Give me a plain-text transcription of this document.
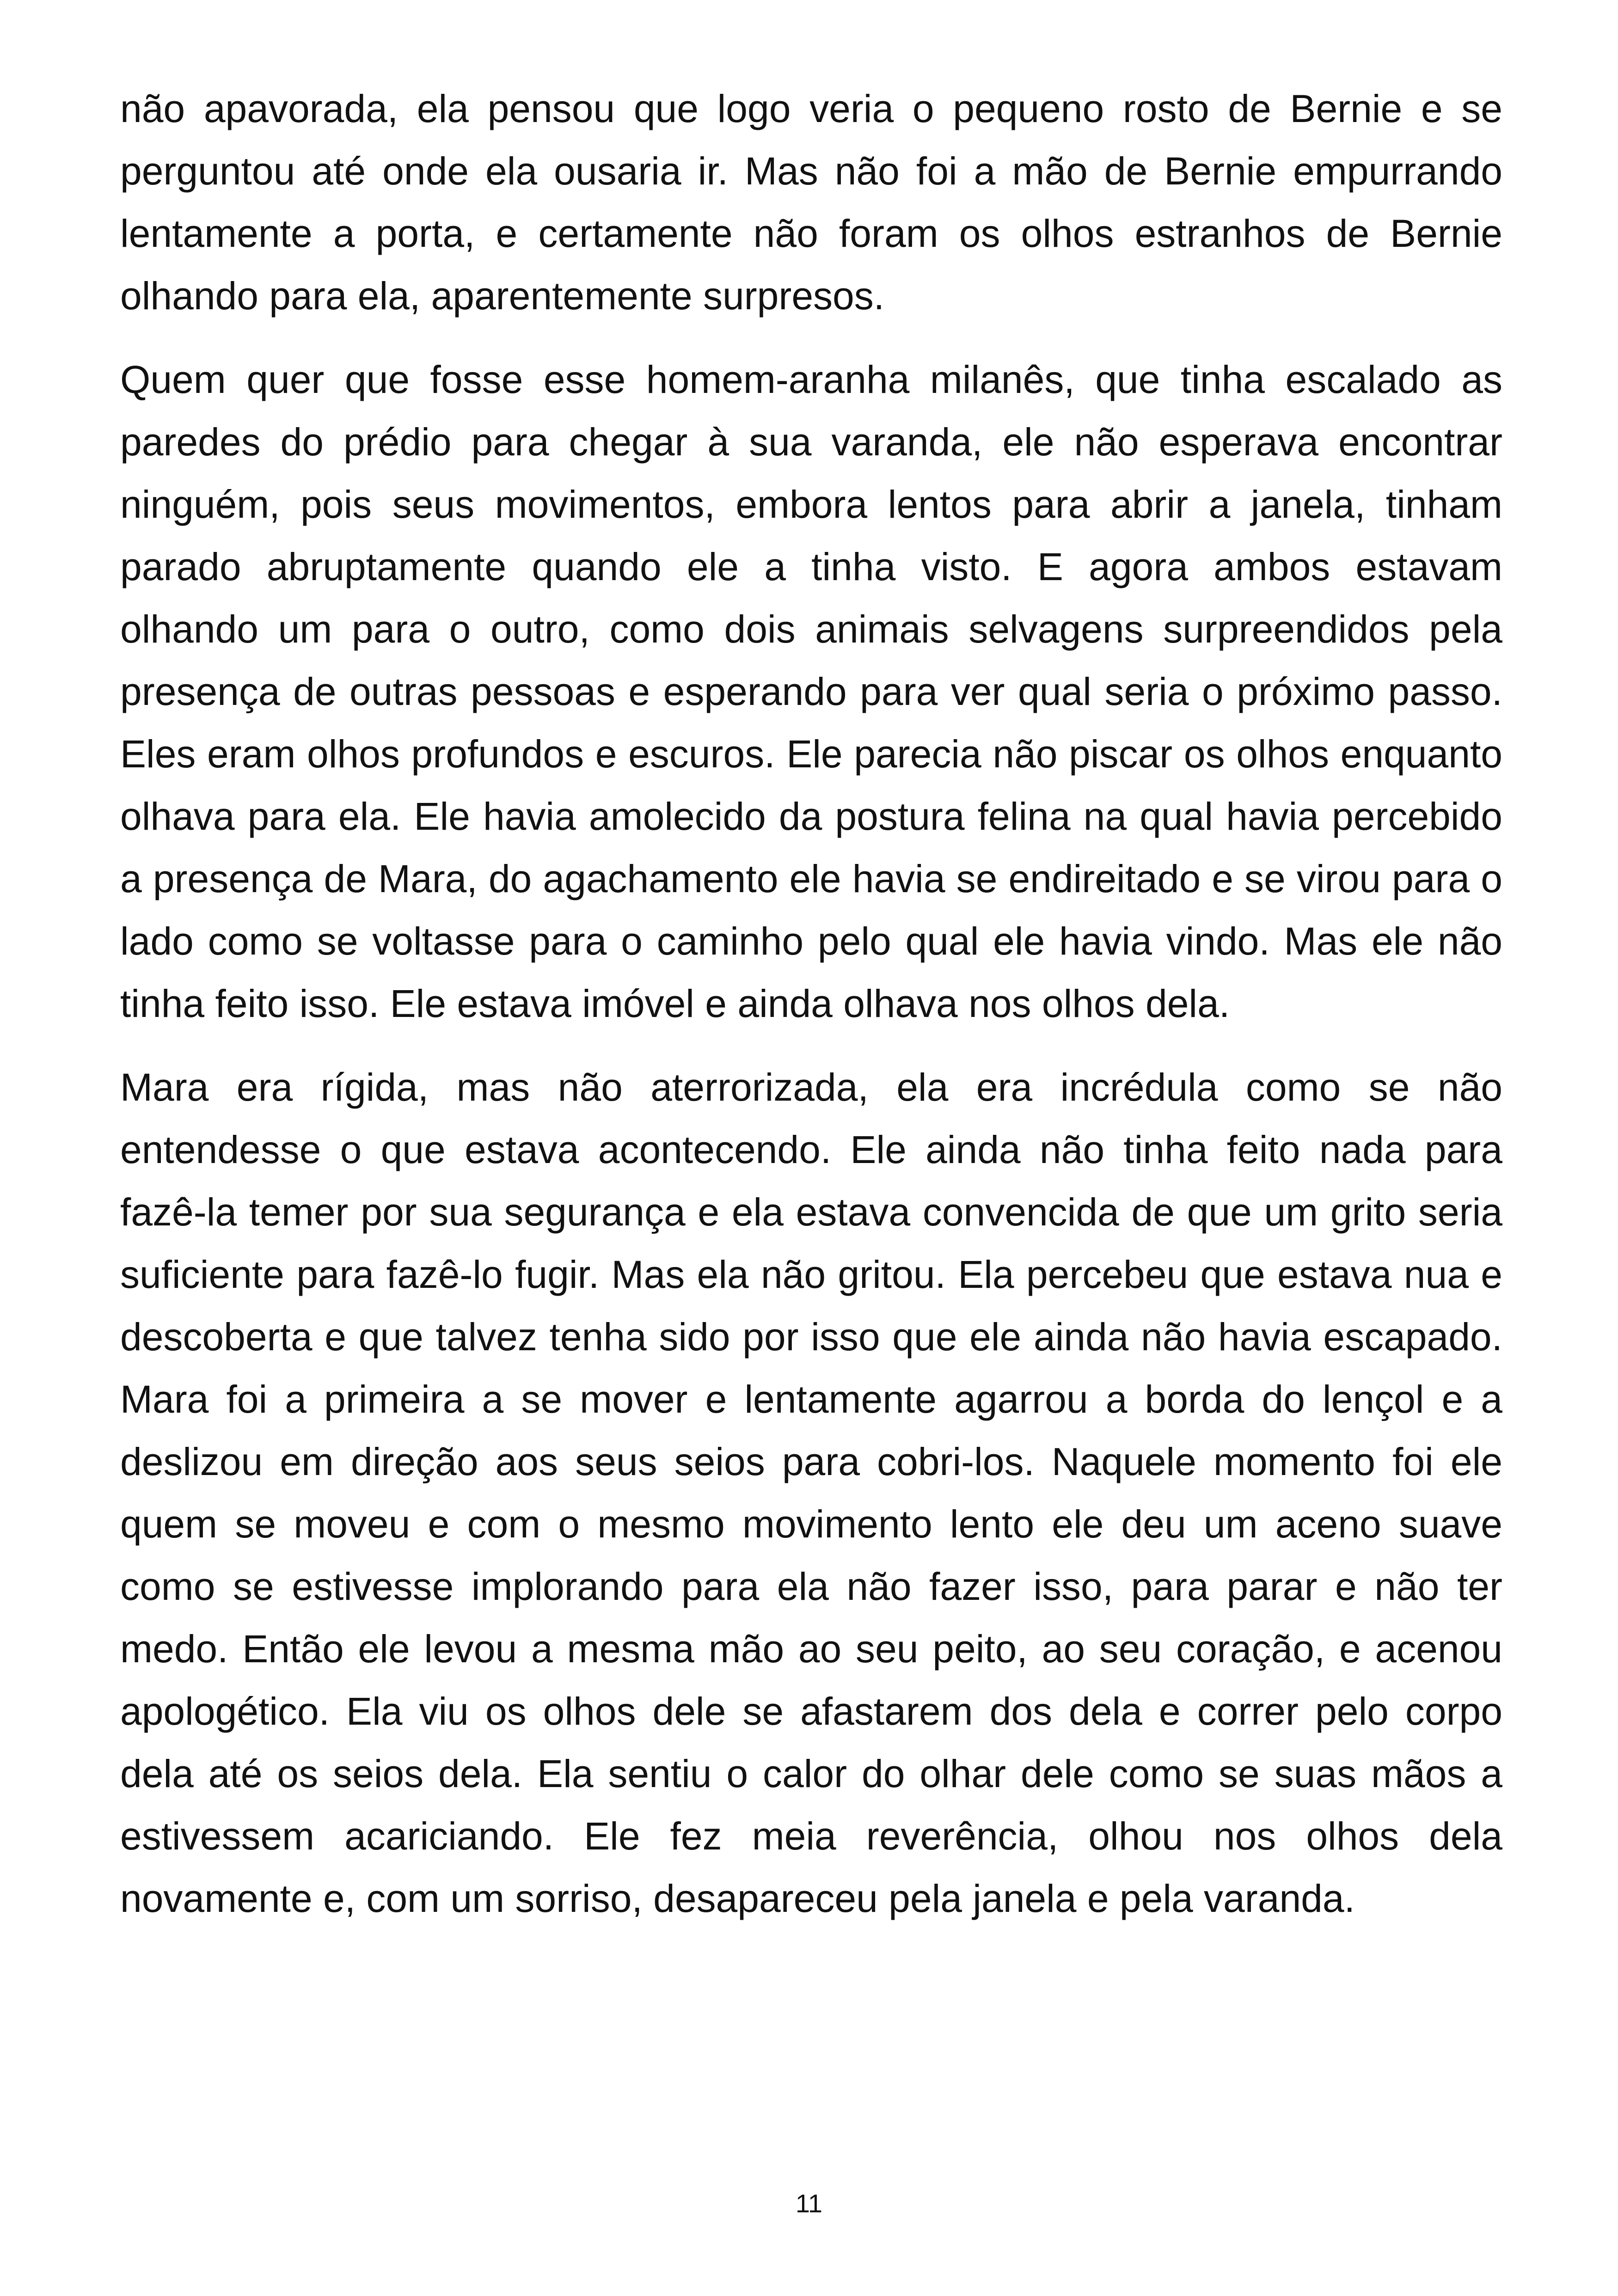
não apavorada, ela pensou que logo veria o pequeno rosto de Bernie e se perguntou até onde ela ousaria ir. Mas não foi a mão de Bernie empurrando lentamente a porta, e certamente não foram os olhos estranhos de Bernie olhando para ela, aparentemente surpresos.

Quem quer que fosse esse homem-aranha milanês, que tinha escalado as paredes do prédio para chegar à sua varanda, ele não esperava encontrar ninguém, pois seus movimentos, embora lentos para abrir a janela, tinham parado abruptamente quando ele a tinha visto. E agora ambos estavam olhando um para o outro, como dois animais selvagens surpreendidos pela presença de outras pessoas e esperando para ver qual seria o próximo passo. Eles eram olhos profundos e escuros. Ele parecia não piscar os olhos enquanto olhava para ela. Ele havia amolecido da postura felina na qual havia percebido a presença de Mara, do agachamento ele havia se endireitado e se virou para o lado como se voltasse para o caminho pelo qual ele havia vindo. Mas ele não tinha feito isso. Ele estava imóvel e ainda olhava nos olhos dela.

Mara era rígida, mas não aterrorizada, ela era incrédula como se não entendesse o que estava acontecendo. Ele ainda não tinha feito nada para fazê-la temer por sua segurança e ela estava convencida de que um grito seria suficiente para fazê-lo fugir. Mas ela não gritou. Ela percebeu que estava nua e descoberta e que talvez tenha sido por isso que ele ainda não havia escapado. Mara foi a primeira a se mover e lentamente agarrou a borda do lençol e a deslizou em direção aos seus seios para cobri-los. Naquele momento foi ele quem se moveu e com o mesmo movimento lento ele deu um aceno suave como se estivesse implorando para ela não fazer isso, para parar e não ter medo. Então ele levou a mesma mão ao seu peito, ao seu coração, e acenou apologético. Ela viu os olhos dele se afastarem dos dela e correr pelo corpo dela até os seios dela. Ela sentiu o calor do olhar dele como se suas mãos a estivessem acariciando. Ele fez meia reverência, olhou nos olhos dela novamente e, com um sorriso, desapareceu pela janela e pela varanda.

11
